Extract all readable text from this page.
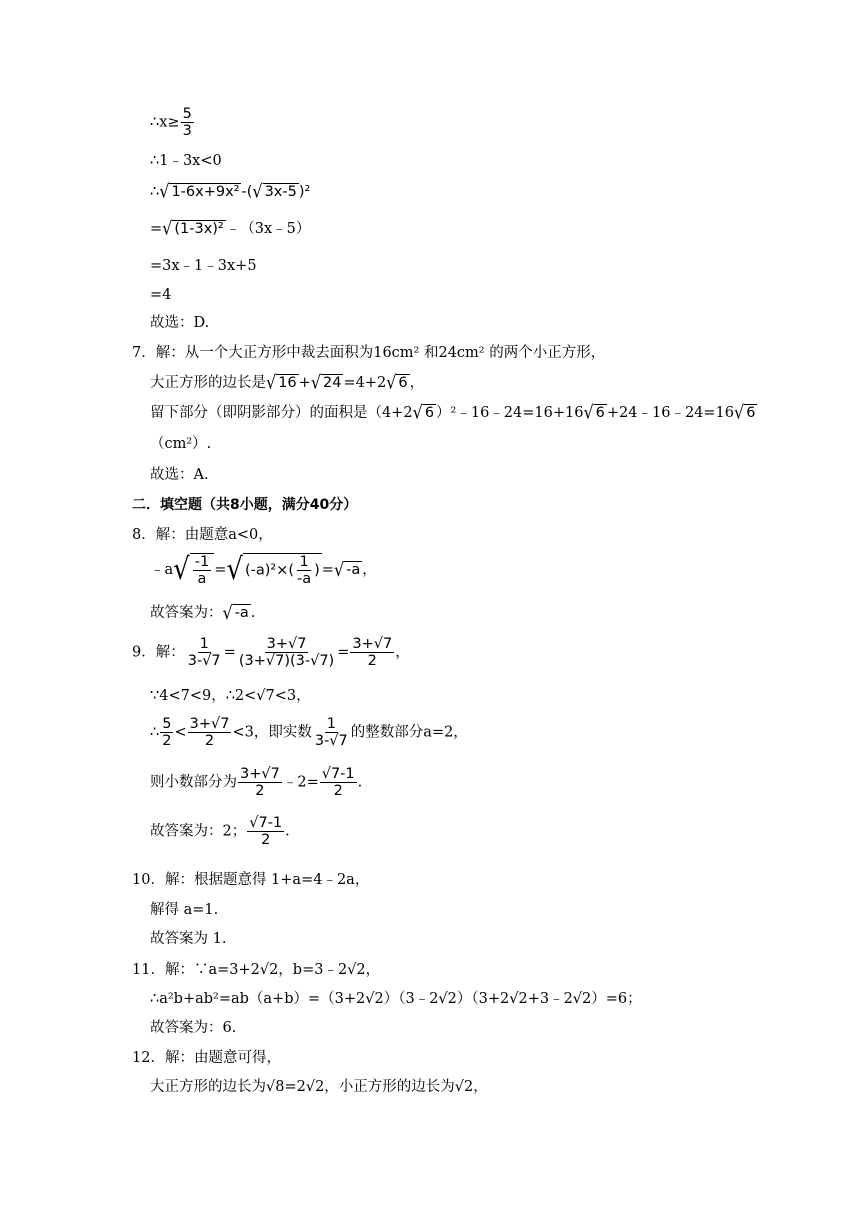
∴x≥ $\frac{5}{3}$
∴1﹣3x<0
∴ √ 1-6x+9x² -( √ 3x-5 )²
= √ (1-3x)² ﹣（3x﹣5）
=3x﹣1﹣3x+5
=4
故选：D.
7．解：从一个大正方形中裁去面积为16cm² 和24cm² 的两个小正方形，
大正方形的边长是 √ 16 + √ 24 =4+2 √ 6 ，
留下部分（即阴影部分）的面积是（4+2 √ 6 ）²﹣16﹣24=16+16 √ 6 +24﹣16﹣24=16 √ 6
（cm²）.
故选：A.
二．填空题（共8小题，满分40分）
8．解：由题意a<0，
﹣a √ $\frac{-1}{a}$ = √ $(-a)^2\times( \frac{1}{-a}$ ) = √ -a ，
故答案为： √ -a .
9．解： $\frac{1}{3-√7} = \frac{3+√7}{(3+√7)(3-√7)} = \frac{3+√7}{2}$ ，
∵4<7<9，∴2<√7<3，
∴ $\frac{5}{2} < \frac{3+√7}{2} <3$，即实数 $\frac{1}{3-√7}$ 的整数部分a=2，
则小数部分为 $\frac{3+√7}{2}$ ﹣2= $\frac{√7-1}{2}$ .
故答案为：2； $\frac{√7-1}{2}$ .
10．解：根据题意得 1+a=4﹣2a，
解得 a=1.
故答案为 1.
11．解：∵a=3+2√2，b=3﹣2√2，
∴a²b+ab²=ab（a+b）=（3+2√2）（3﹣2√2）（3+2√2+3﹣2√2）=6；
故答案为：6.
12．解：由题意可得，
大正方形的边长为√8=2√2，小正方形的边长为√2，
